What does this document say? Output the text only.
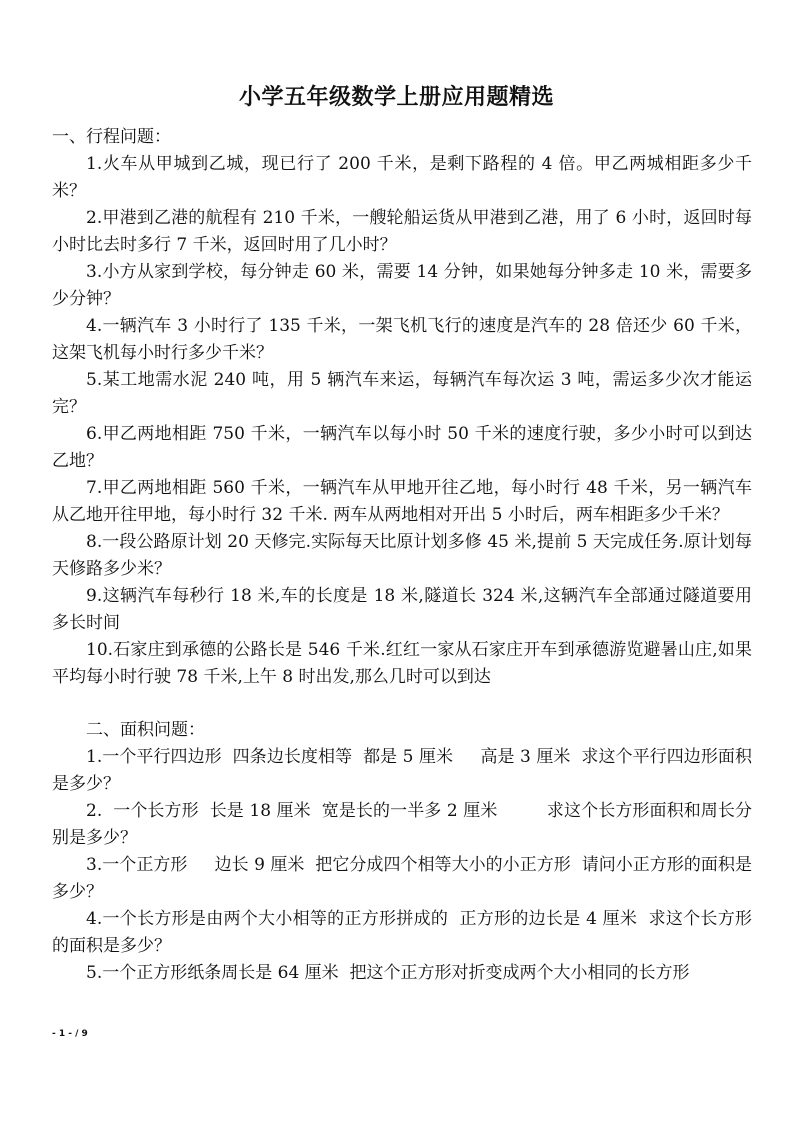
小学五年级数学上册应用题精选

一、行程问题：

1.火车从甲城到乙城，现已行了 200 千米，是剩下路程的 4 倍。甲乙两城相距多少千米？

2.甲港到乙港的航程有 210 千米，一艘轮船运货从甲港到乙港，用了 6 小时，返回时每小时比去时多行 7 千米，返回时用了几小时？

3.小方从家到学校，每分钟走 60 米，需要 14 分钟，如果她每分钟多走 10 米，需要多少分钟？

4.一辆汽车 3 小时行了 135 千米，一架飞机飞行的速度是汽车的 28 倍还少 60 千米，这架飞机每小时行多少千米？

5.某工地需水泥 240 吨，用 5 辆汽车来运，每辆汽车每次运 3 吨，需运多少次才能运完？

6.甲乙两地相距 750 千米，一辆汽车以每小时 50 千米的速度行驶，多少小时可以到达乙地？

7.甲乙两地相距 560 千米，一辆汽车从甲地开往乙地，每小时行 48 千米，另一辆汽车从乙地开往甲地，每小时行 32 千米. 两车从两地相对开出 5 小时后，两车相距多少千米？

8.一段公路原计划 20 天修完.实际每天比原计划多修 45 米,提前 5 天完成任务.原计划每天修路多少米？

9.这辆汽车每秒行 18 米,车的长度是 18 米,隧道长 324 米,这辆汽车全部通过隧道要用多长时间

10.石家庄到承德的公路长是 546 千米.红红一家从石家庄开车到承德游览避暑山庄,如果平均每小时行驶 78 千米,上午 8 时出发,那么几时可以到达

二、面积问题：

1.一个平行四边形  四条边长度相等  都是 5 厘米     高是 3 厘米  求这个平行四边形面积是多少？

2.  一个长方形  长是 18 厘米  宽是长的一半多 2 厘米         求这个长方形面积和周长分别是多少？

3.一个正方形     边长 9 厘米  把它分成四个相等大小的小正方形  请问小正方形的面积是多少？

4.一个长方形是由两个大小相等的正方形拼成的  正方形的边长是 4 厘米  求这个长方形的面积是多少？

5.一个正方形纸条周长是 64 厘米  把这个正方形对折变成两个大小相同的长方形

- 1 - / 9
